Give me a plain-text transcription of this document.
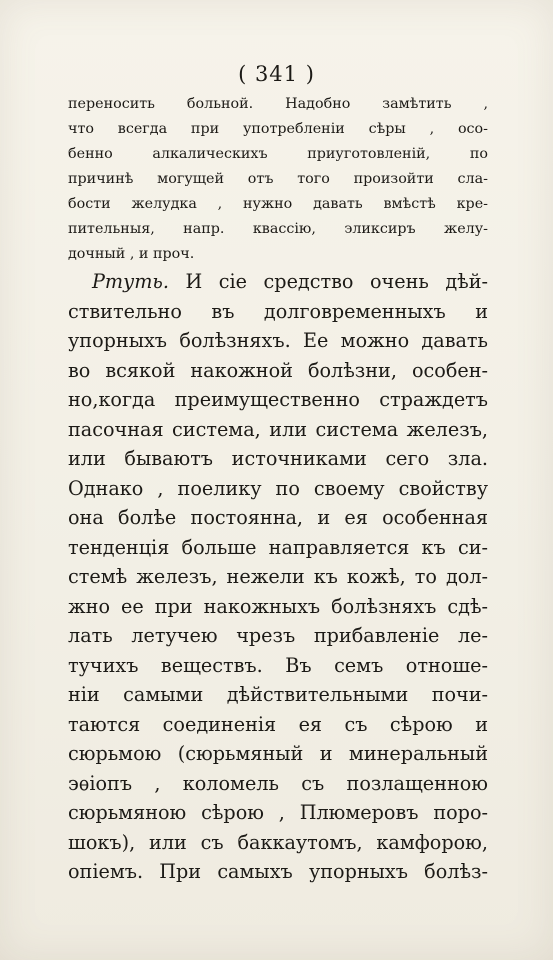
( 341 )
переносить больной. Надобно замѣтить ,
что всегда при употребленіи сѣры , осо-
бенно алкалическихъ приуготовленій, по
причинѣ могущей отъ того произойти сла-
бости желудка , нужно давать вмѣстѣ кре-
пительныя, напр. квассію, эликсиръ желу-
дочный , и проч.
Ртуть. И сіе средство очень дѣй-
ствительно въ долговременныхъ и
упорныхъ болѣзняхъ. Ее можно давать
во всякой накожной болѣзни, особен-
но,когда преимущественно страждетъ
пасочная система, или система железъ,
или бываютъ источниками сего зла.
Однако , поелику по своему свойству
она болѣе постоянна, и ея особенная
тенденція больше направляется къ си-
стемѣ железъ, нежели къ кожѣ, то дол-
жно ее при накожныхъ болѣзняхъ сдѣ-
лать летучею чрезъ прибавленіе ле-
тучихъ веществъ. Въ семъ отноше-
ніи самыми дѣйствительными почи-
таются соединенія ея съ сѣрою и
сюрьмою (сюрьмяный и минеральный
эѳіопъ , коломель съ позлащенною
сюрьмяною сѣрою , Плюмеровъ поро-
шокъ), или съ баккаутомъ, камфорою,
опіемъ. При самыхъ упорныхъ болѣз-
